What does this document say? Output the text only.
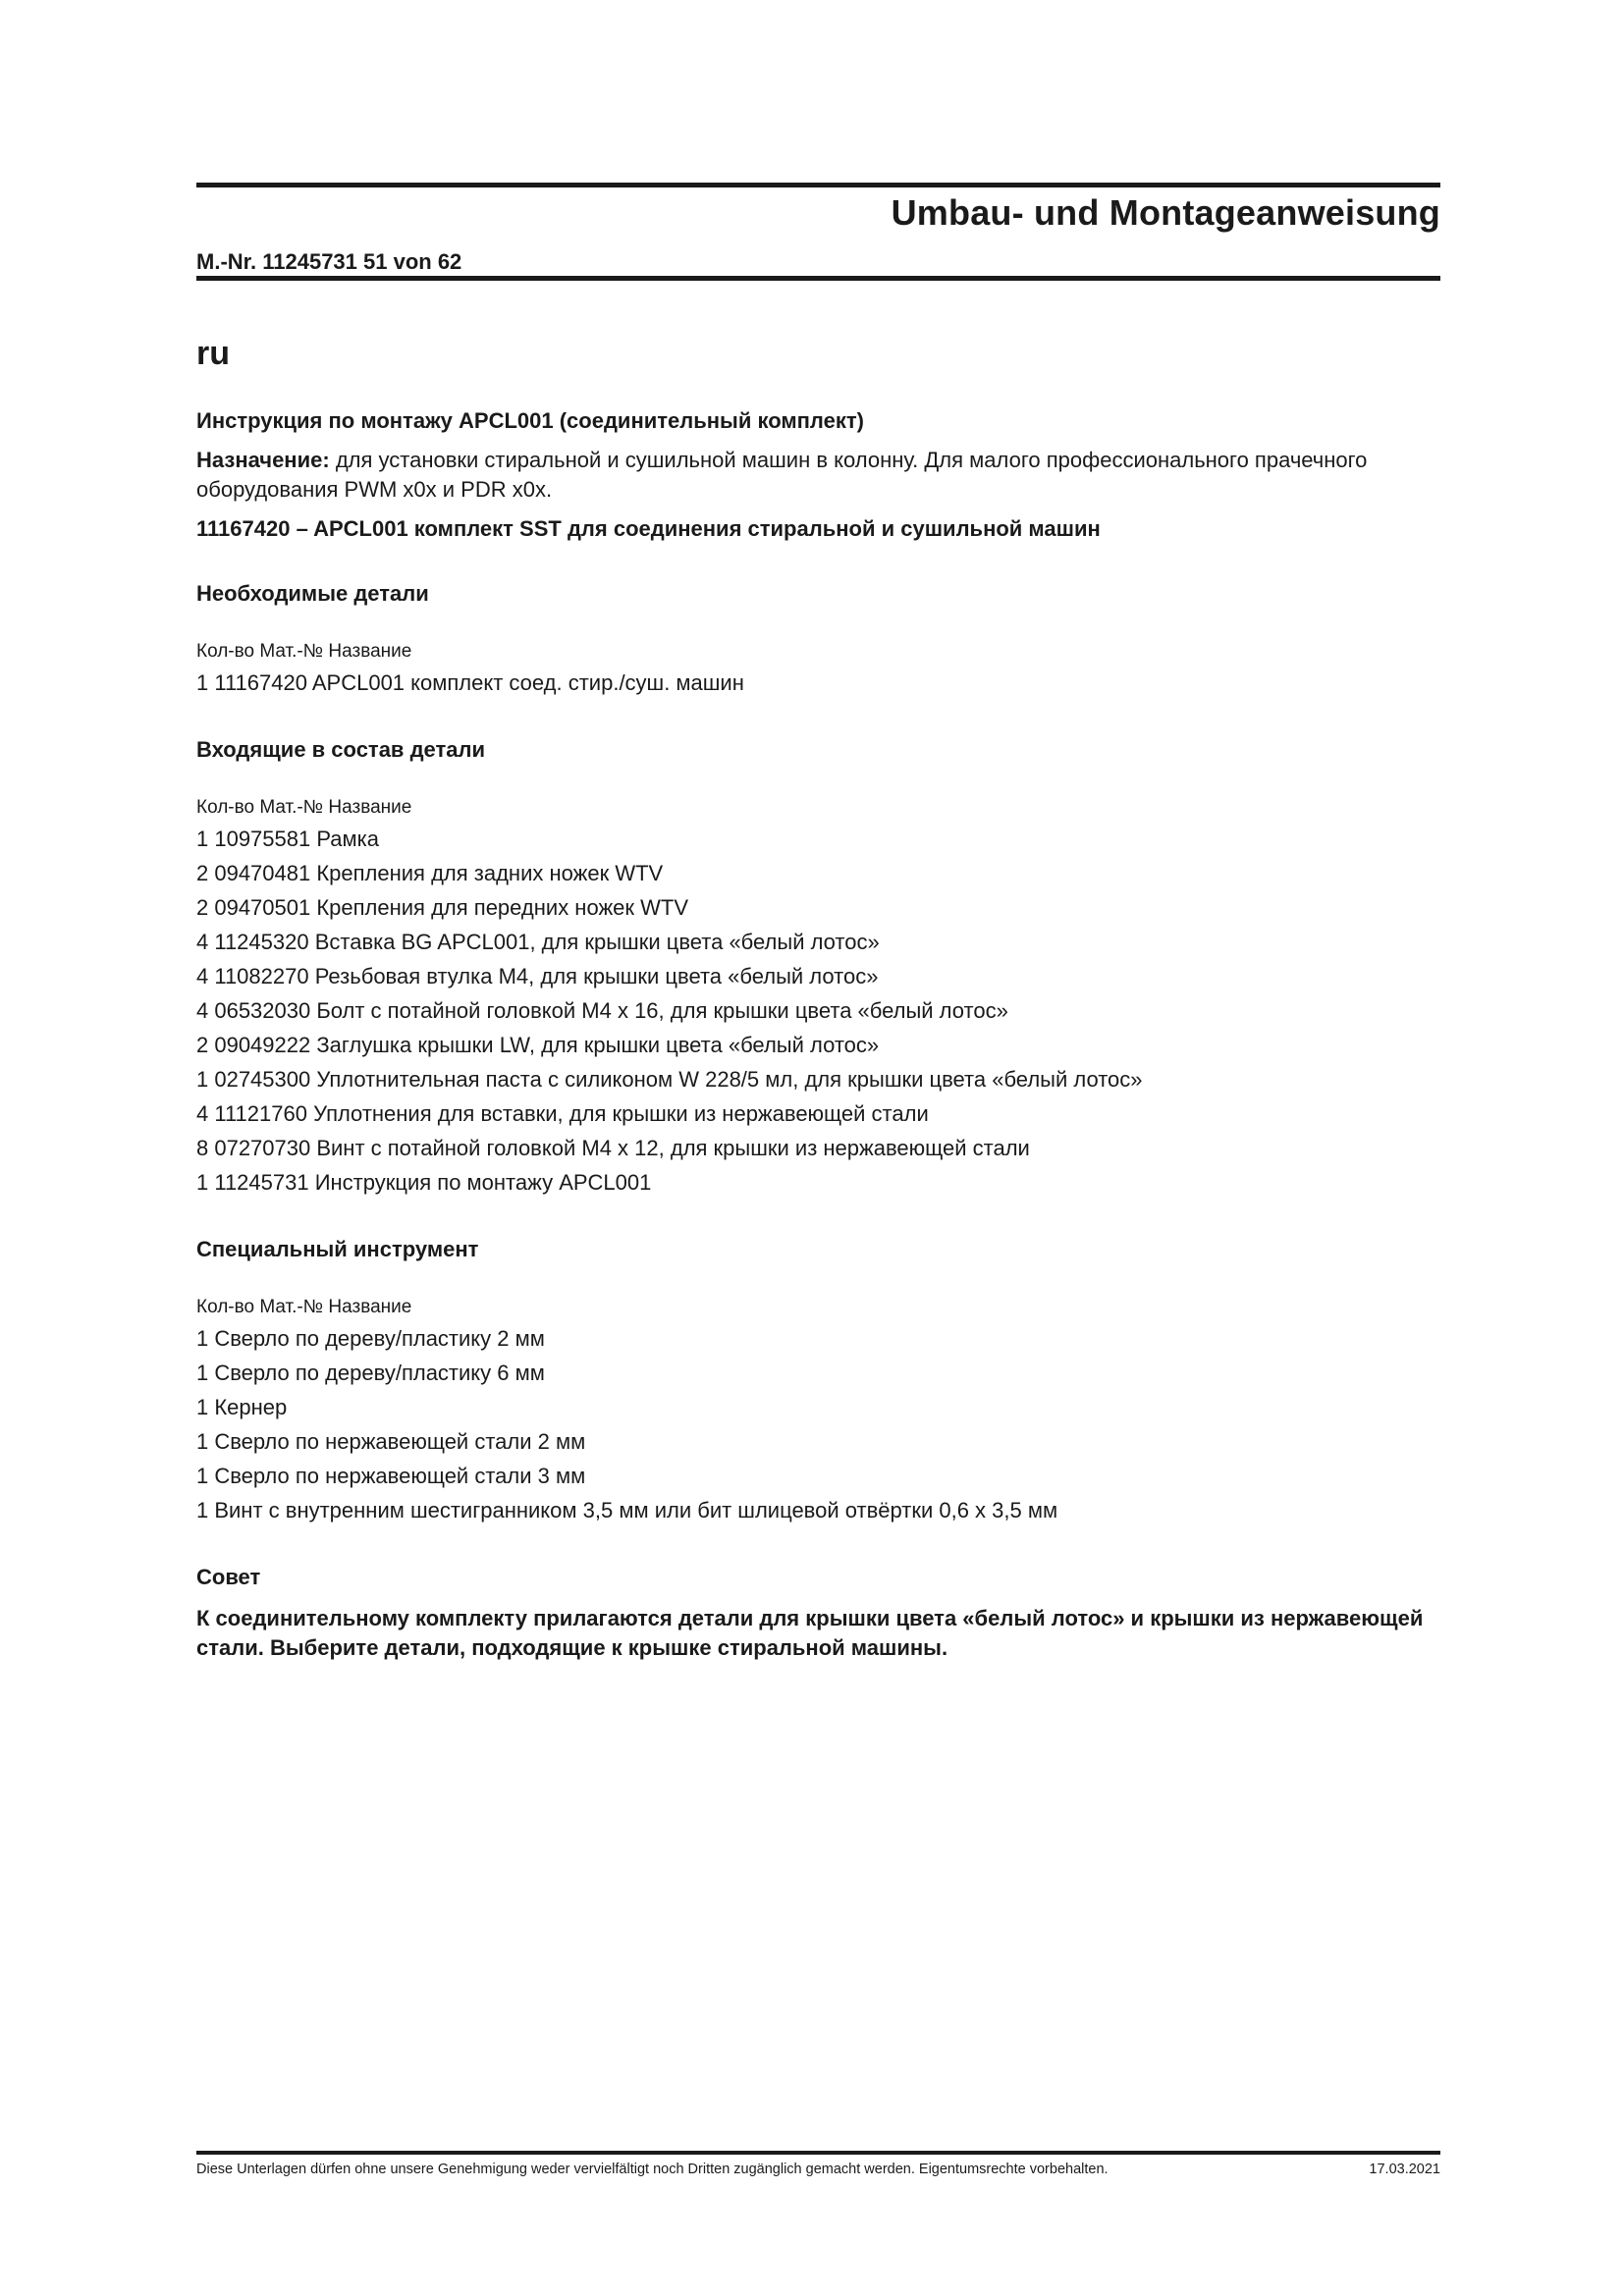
Umbau- und Montageanweisung
M.-Nr. 11245731 51 von 62
ru
Инструкция по монтажу APCL001 (соединительный комплект)

Назначение: для установки стиральной и сушильной машин в колонну. Для малого профессионального прачечного оборудования PWM x0x и PDR x0x.

11167420 – APCL001 комплект SST для соединения стиральной и сушильной машин
Необходимые детали
Кол-во Мат.-№ Название
1 11167420 APCL001 комплект соед. стир./суш. машин
Входящие в состав детали
Кол-во Мат.-№ Название
1 10975581 Рамка
2 09470481 Крепления для задних ножек WTV
2 09470501 Крепления для передних ножек WTV
4 11245320 Вставка BG APCL001, для крышки цвета «белый лотос»
4 11082270 Резьбовая втулка M4, для крышки цвета «белый лотос»
4 06532030 Болт с потайной головкой M4 x 16, для крышки цвета «белый лотос»
2 09049222 Заглушка крышки LW, для крышки цвета «белый лотос»
1 02745300 Уплотнительная паста с силиконом W 228/5 мл, для крышки цвета «белый лотос»
4 11121760 Уплотнения для вставки, для крышки из нержавеющей стали
8 07270730 Винт с потайной головкой M4 x 12, для крышки из нержавеющей стали
1 11245731 Инструкция по монтажу APCL001
Специальный инструмент
Кол-во Мат.-№ Название
1 Сверло по дереву/пластику 2 мм
1 Сверло по дереву/пластику 6 мм
1 Кернер
1 Сверло по нержавеющей стали 2 мм
1 Сверло по нержавеющей стали 3 мм
1 Винт с внутренним шестигранником 3,5 мм или бит шлицевой отвёртки 0,6 x 3,5 мм
Совет
К соединительному комплекту прилагаются детали для крышки цвета «белый лотос» и крышки из нержавеющей стали. Выберите детали, подходящие к крышке стиральной машины.
Diese Unterlagen dürfen ohne unsere Genehmigung weder vervielfältigt noch Dritten zugänglich gemacht werden. Eigentumsrechte vorbehalten.	17.03.2021
